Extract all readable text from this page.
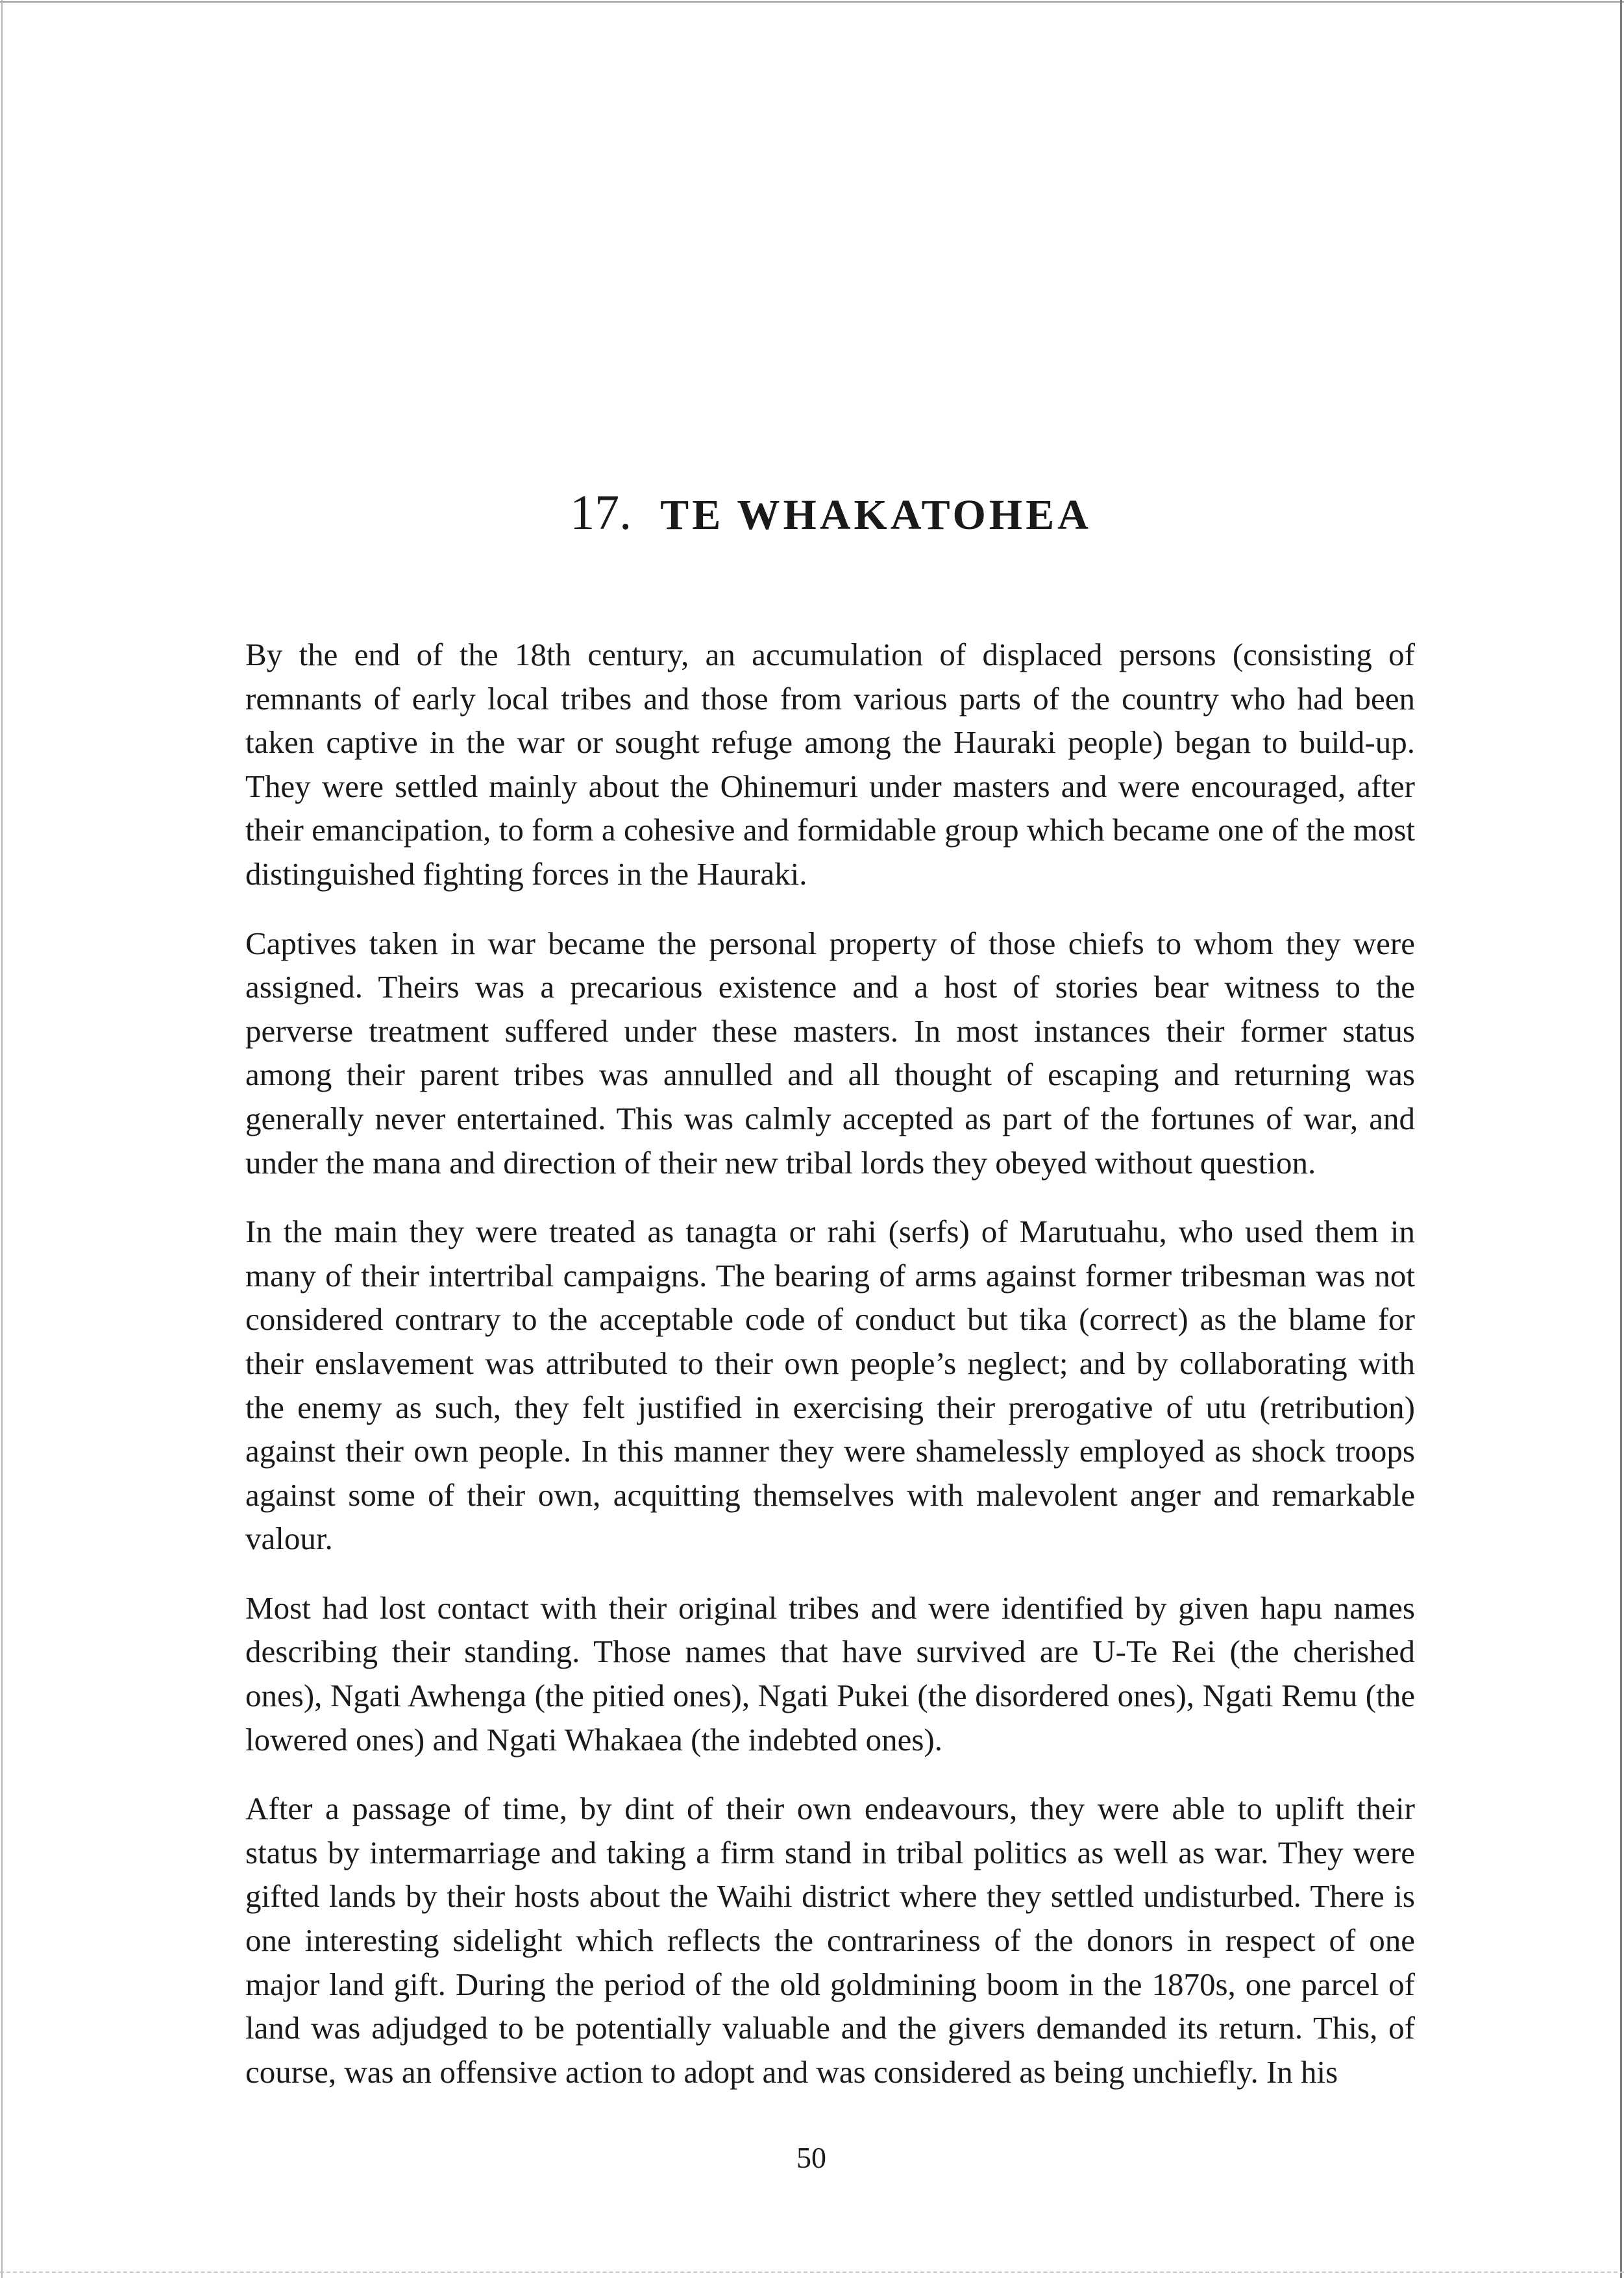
17. TE WHAKATOHEA

By the end of the 18th century, an accumulation of displaced persons (consisting of remnants of early local tribes and those from various parts of the country who had been taken captive in the war or sought refuge among the Hauraki people) began to build-up. They were settled mainly about the Ohinemuri under masters and were encouraged, after their emancipation, to form a cohesive and formidable group which became one of the most distinguished fighting forces in the Hauraki.

Captives taken in war became the personal property of those chiefs to whom they were assigned. Theirs was a precarious existence and a host of stories bear witness to the perverse treatment suffered under these masters. In most instances their former status among their parent tribes was annulled and all thought of escaping and returning was generally never entertained. This was calmly accepted as part of the fortunes of war, and under the mana and direction of their new tribal lords they obeyed without question.

In the main they were treated as tanagta or rahi (serfs) of Marutuahu, who used them in many of their intertribal campaigns. The bearing of arms against former tribesman was not considered contrary to the acceptable code of conduct but tika (correct) as the blame for their enslavement was attributed to their own people’s neglect; and by collaborating with the enemy as such, they felt justified in exercising their prerogative of utu (retribution) against their own people. In this manner they were shamelessly employed as shock troops against some of their own, acquitting themselves with malevolent anger and remarkable valour.

Most had lost contact with their original tribes and were identified by given hapu names describing their standing. Those names that have survived are U-Te Rei (the cherished ones), Ngati Awhenga (the pitied ones), Ngati Pukei (the disordered ones), Ngati Remu (the lowered ones) and Ngati Whakaea (the indebted ones).

After a passage of time, by dint of their own endeavours, they were able to uplift their status by intermarriage and taking a firm stand in tribal politics as well as war. They were gifted lands by their hosts about the Waihi district where they settled undisturbed. There is one interesting sidelight which reflects the contrariness of the donors in respect of one major land gift. During the period of the old goldmining boom in the 1870s, one parcel of land was adjudged to be potentially valuable and the givers demanded its return. This, of course, was an offensive action to adopt and was considered as being unchiefly. In his

50
